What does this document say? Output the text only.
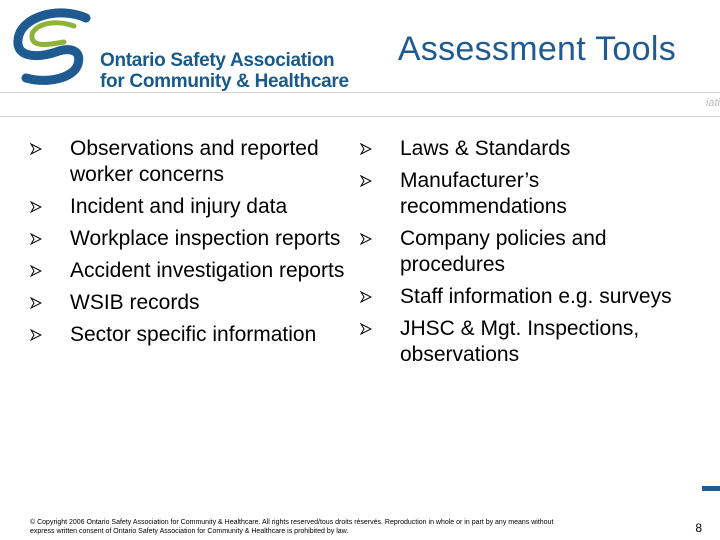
Ontario Safety Association
for Community & Healthcare
Assessment Tools
iati
Observations and reported worker concerns
Incident and injury data
Workplace inspection reports
Accident investigation reports
WSIB records
Sector specific information
Laws & Standards
Manufacturer’s recommendations
Company policies and procedures
Staff information e.g. surveys
JHSC & Mgt. Inspections, observations
© Copyright 2006 Ontario Safety Association for Community & Healthcare. All rights reserved/tous droits réservés. Reproduction in whole or in part by any means without
express written consent of Ontario Safety Association for Community & Healthcare is prohibited by law.	8
